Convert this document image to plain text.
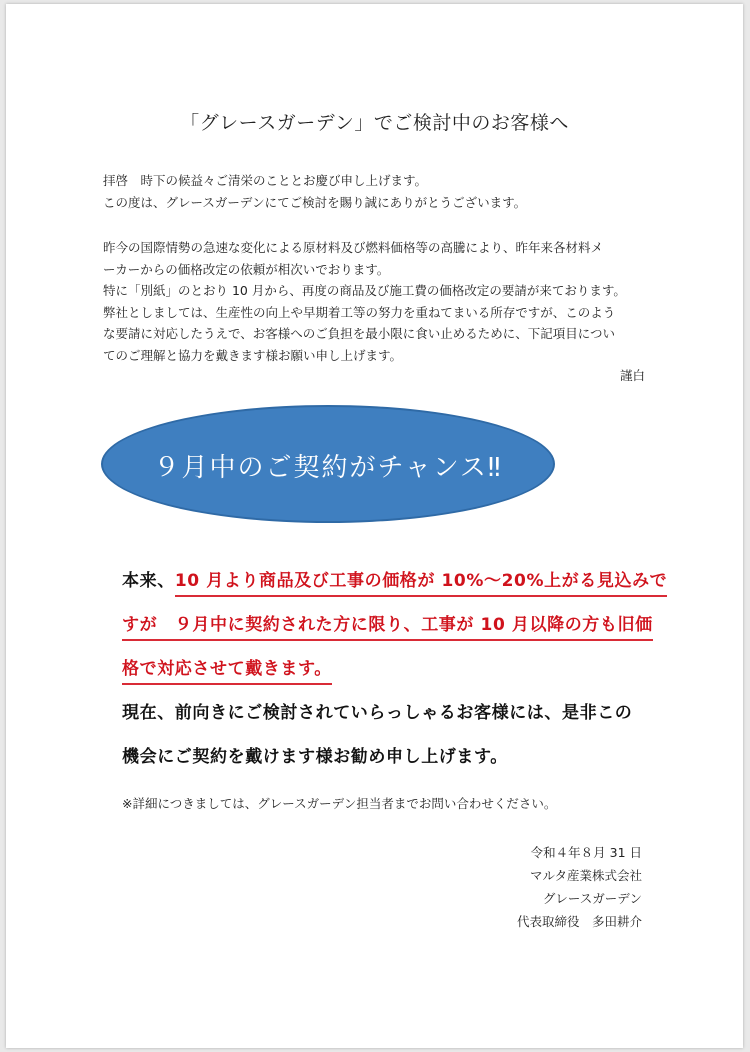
「グレースガーデン」でご検討中のお客様へ
拝啓　時下の候益々ご清栄のこととお慶び申し上げます。
この度は、グレースガーデンにてご検討を賜り誠にありがとうございます。
昨今の国際情勢の急速な変化による原材料及び燃料価格等の高騰により、昨年来各材料メ
ーカーからの価格改定の依頼が相次いでおります。
特に「別紙」のとおり 10 月から、再度の商品及び施工費の価格改定の要請が来ております。
弊社としましては、生産性の向上や早期着工等の努力を重ねてまいる所存ですが、このよう
な要請に対応したうえで、お客様へのご負担を最小限に食い止めるために、下記項目につい
てのご理解と協力を戴きます様お願い申し上げます。
謹白
９月中のご契約がチャンス‼
本来、10 月より商品及び工事の価格が 10%～20%上がる見込みで
すが　９月中に契約された方に限り、工事が 10 月以降の方も旧価
格で対応させて戴きます。
現在、前向きにご検討されていらっしゃるお客様には、是非この
機会にご契約を戴けます様お勧め申し上げます。
※詳細につきましては、グレースガーデン担当者までお問い合わせください。
令和４年８月 31 日
マルタ産業株式会社
グレースガーデン
代表取締役　多田耕介
